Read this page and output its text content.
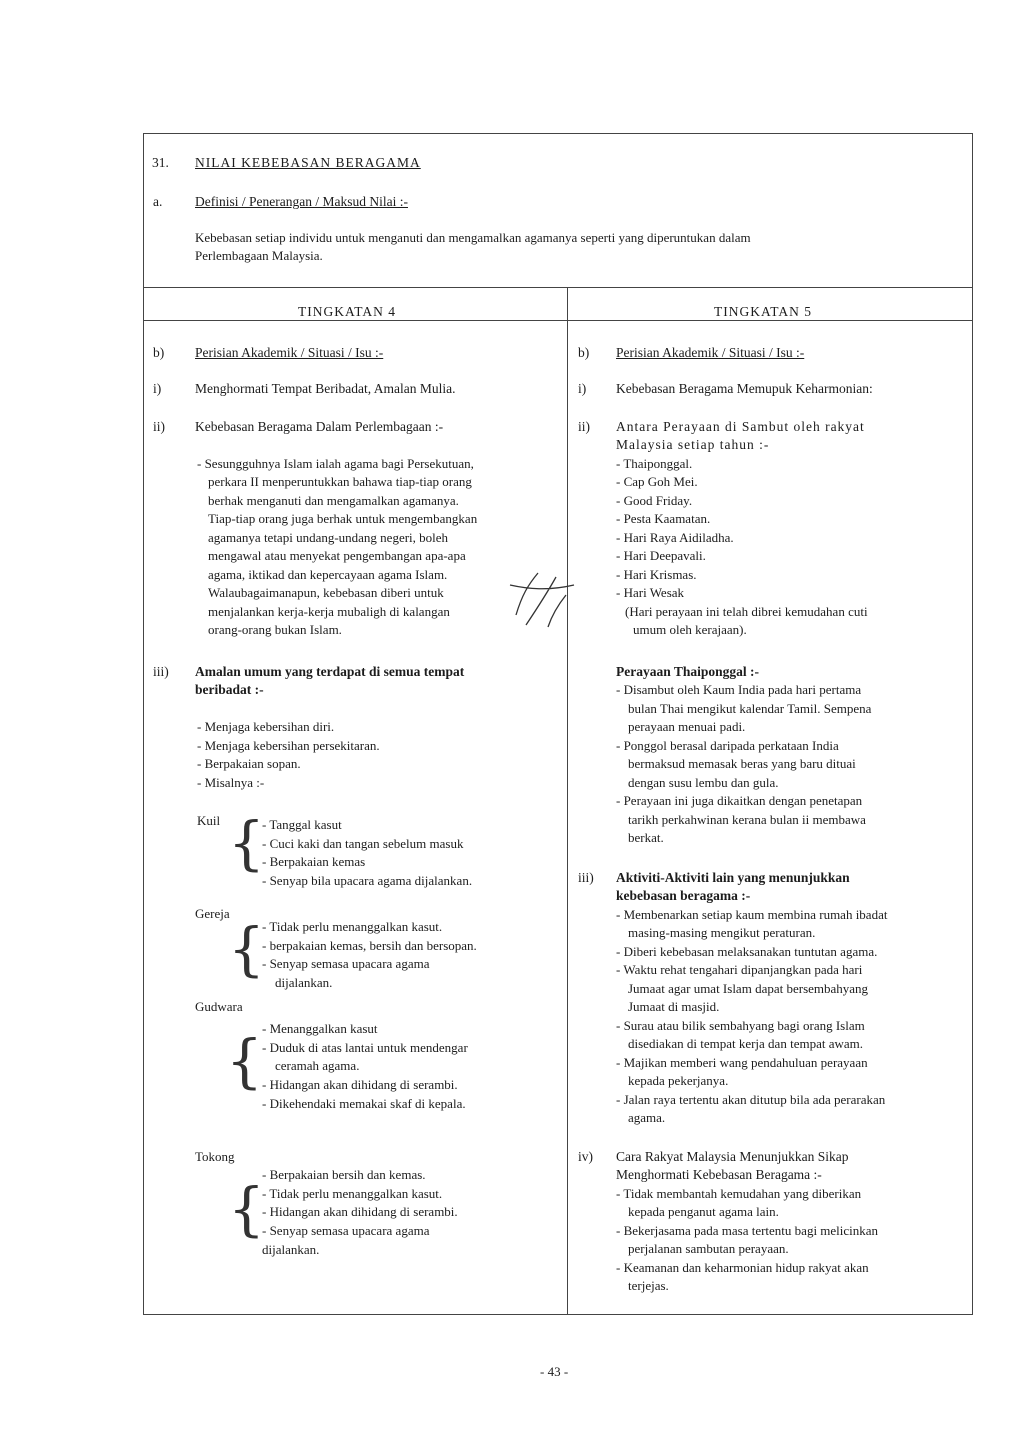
31. NILAI KEBEBASAN BERAGAMA
a. Definisi / Penerangan / Maksud Nilai :-
Kebebasan setiap individu untuk menganuti dan mengamalkan agamanya seperti yang diperuntukan dalam
Perlembagaan Malaysia.
TINGKATAN 4	TINGKATAN 5
b) Perisian Akademik / Situasi / Isu :-
i)	Menghormati Tempat Beribadat, Amalan Mulia.
ii) Kebebasan Beragama Dalam Perlembagaan :-
- Sesungguhnya Islam ialah agama bagi Persekutuan,
perkara II menperuntukkan bahawa tiap-tiap orang
berhak menganuti dan mengamalkan agamanya.
Tiap-tiap orang juga berhak untuk mengembangkan
agamanya tetapi undang-undang negeri, boleh
mengawal atau menyekat pengembangan apa-apa
agama, iktikad dan kepercayaan agama Islam.
Walaubagaimanapun, kebebasan diberi untuk
menjalankan kerja-kerja mubaligh di kalangan
orang-orang bukan Islam.
iii) Amalan umum yang terdapat di semua tempat
beribadat :-
- Menjaga kebersihan diri.
- Menjaga kebersihan persekitaran.
- Berpakaian sopan.
- Misalnya :-
Kuil {
- Tanggal kasut
- Cuci kaki dan tangan sebelum masuk
- Berpakaian kemas
- Senyap bila upacara agama dijalankan.
Gereja
{
- Tidak perlu menanggalkan kasut.
- berpakaian kemas, bersih dan bersopan.
- Senyap semasa upacara agama
dijalankan.
Gudwara
{ - Menanggalkan kasut
- Duduk di atas lantai untuk mendengar
ceramah agama.
- Hidangan akan dihidang di serambi.
- Dikehendaki memakai skaf di kepala.
Tokong
{
- Berpakaian bersih dan kemas.
- Tidak perlu menanggalkan kasut.
- Hidangan akan dihidang di serambi.
- Senyap semasa upacara agama
dijalankan.
b) Perisian Akademik / Situasi / Isu :-
i) Kebebasan Beragama Memupuk Keharmonian:
ii) Antara Perayaan di Sambut oleh rakyat
Malaysia setiap tahun :-
- Thaiponggal.
- Cap Goh Mei.
- Good Friday.
- Pesta Kaamatan.
- Hari Raya Aidiladha.
- Hari Deepavali.
- Hari Krismas.
- Hari Wesak
(Hari perayaan ini telah dibrei kemudahan cuti
umum oleh kerajaan).
Perayaan Thaiponggal :-
- Disambut oleh Kaum India pada hari pertama
bulan Thai mengikut kalendar Tamil. Sempena
perayaan menuai padi.
- Ponggol berasal daripada perkataan India
bermaksud memasak beras yang baru dituai
dengan susu lembu dan gula.
- Perayaan ini juga dikaitkan dengan penetapan
tarikh perkahwinan kerana bulan ii membawa
berkat.
iii) Aktiviti-Aktiviti lain yang menunjukkan
kebebasan beragama :-
- Membenarkan setiap kaum membina rumah ibadat
masing-masing mengikut peraturan.
- Diberi kebebasan melaksanakan tuntutan agama.
- Waktu rehat tengahari dipanjangkan pada hari
Jumaat agar umat Islam dapat bersembahyang
Jumaat di masjid.
- Surau atau bilik sembahyang bagi orang Islam
disediakan di tempat kerja dan tempat awam.
- Majikan memberi wang pendahuluan perayaan
kepada pekerjanya.
- Jalan raya tertentu akan ditutup bila ada perarakan
agama.
iv) Cara Rakyat Malaysia Menunjukkan Sikap
Menghormati Kebebasan Beragama :-
- Tidak membantah kemudahan yang diberikan
kepada penganut agama lain.
- Bekerjasama pada masa tertentu bagi melicinkan
perjalanan sambutan perayaan.
- Keamanan dan keharmonian hidup rakyat akan
terjejas.
- 43 -
